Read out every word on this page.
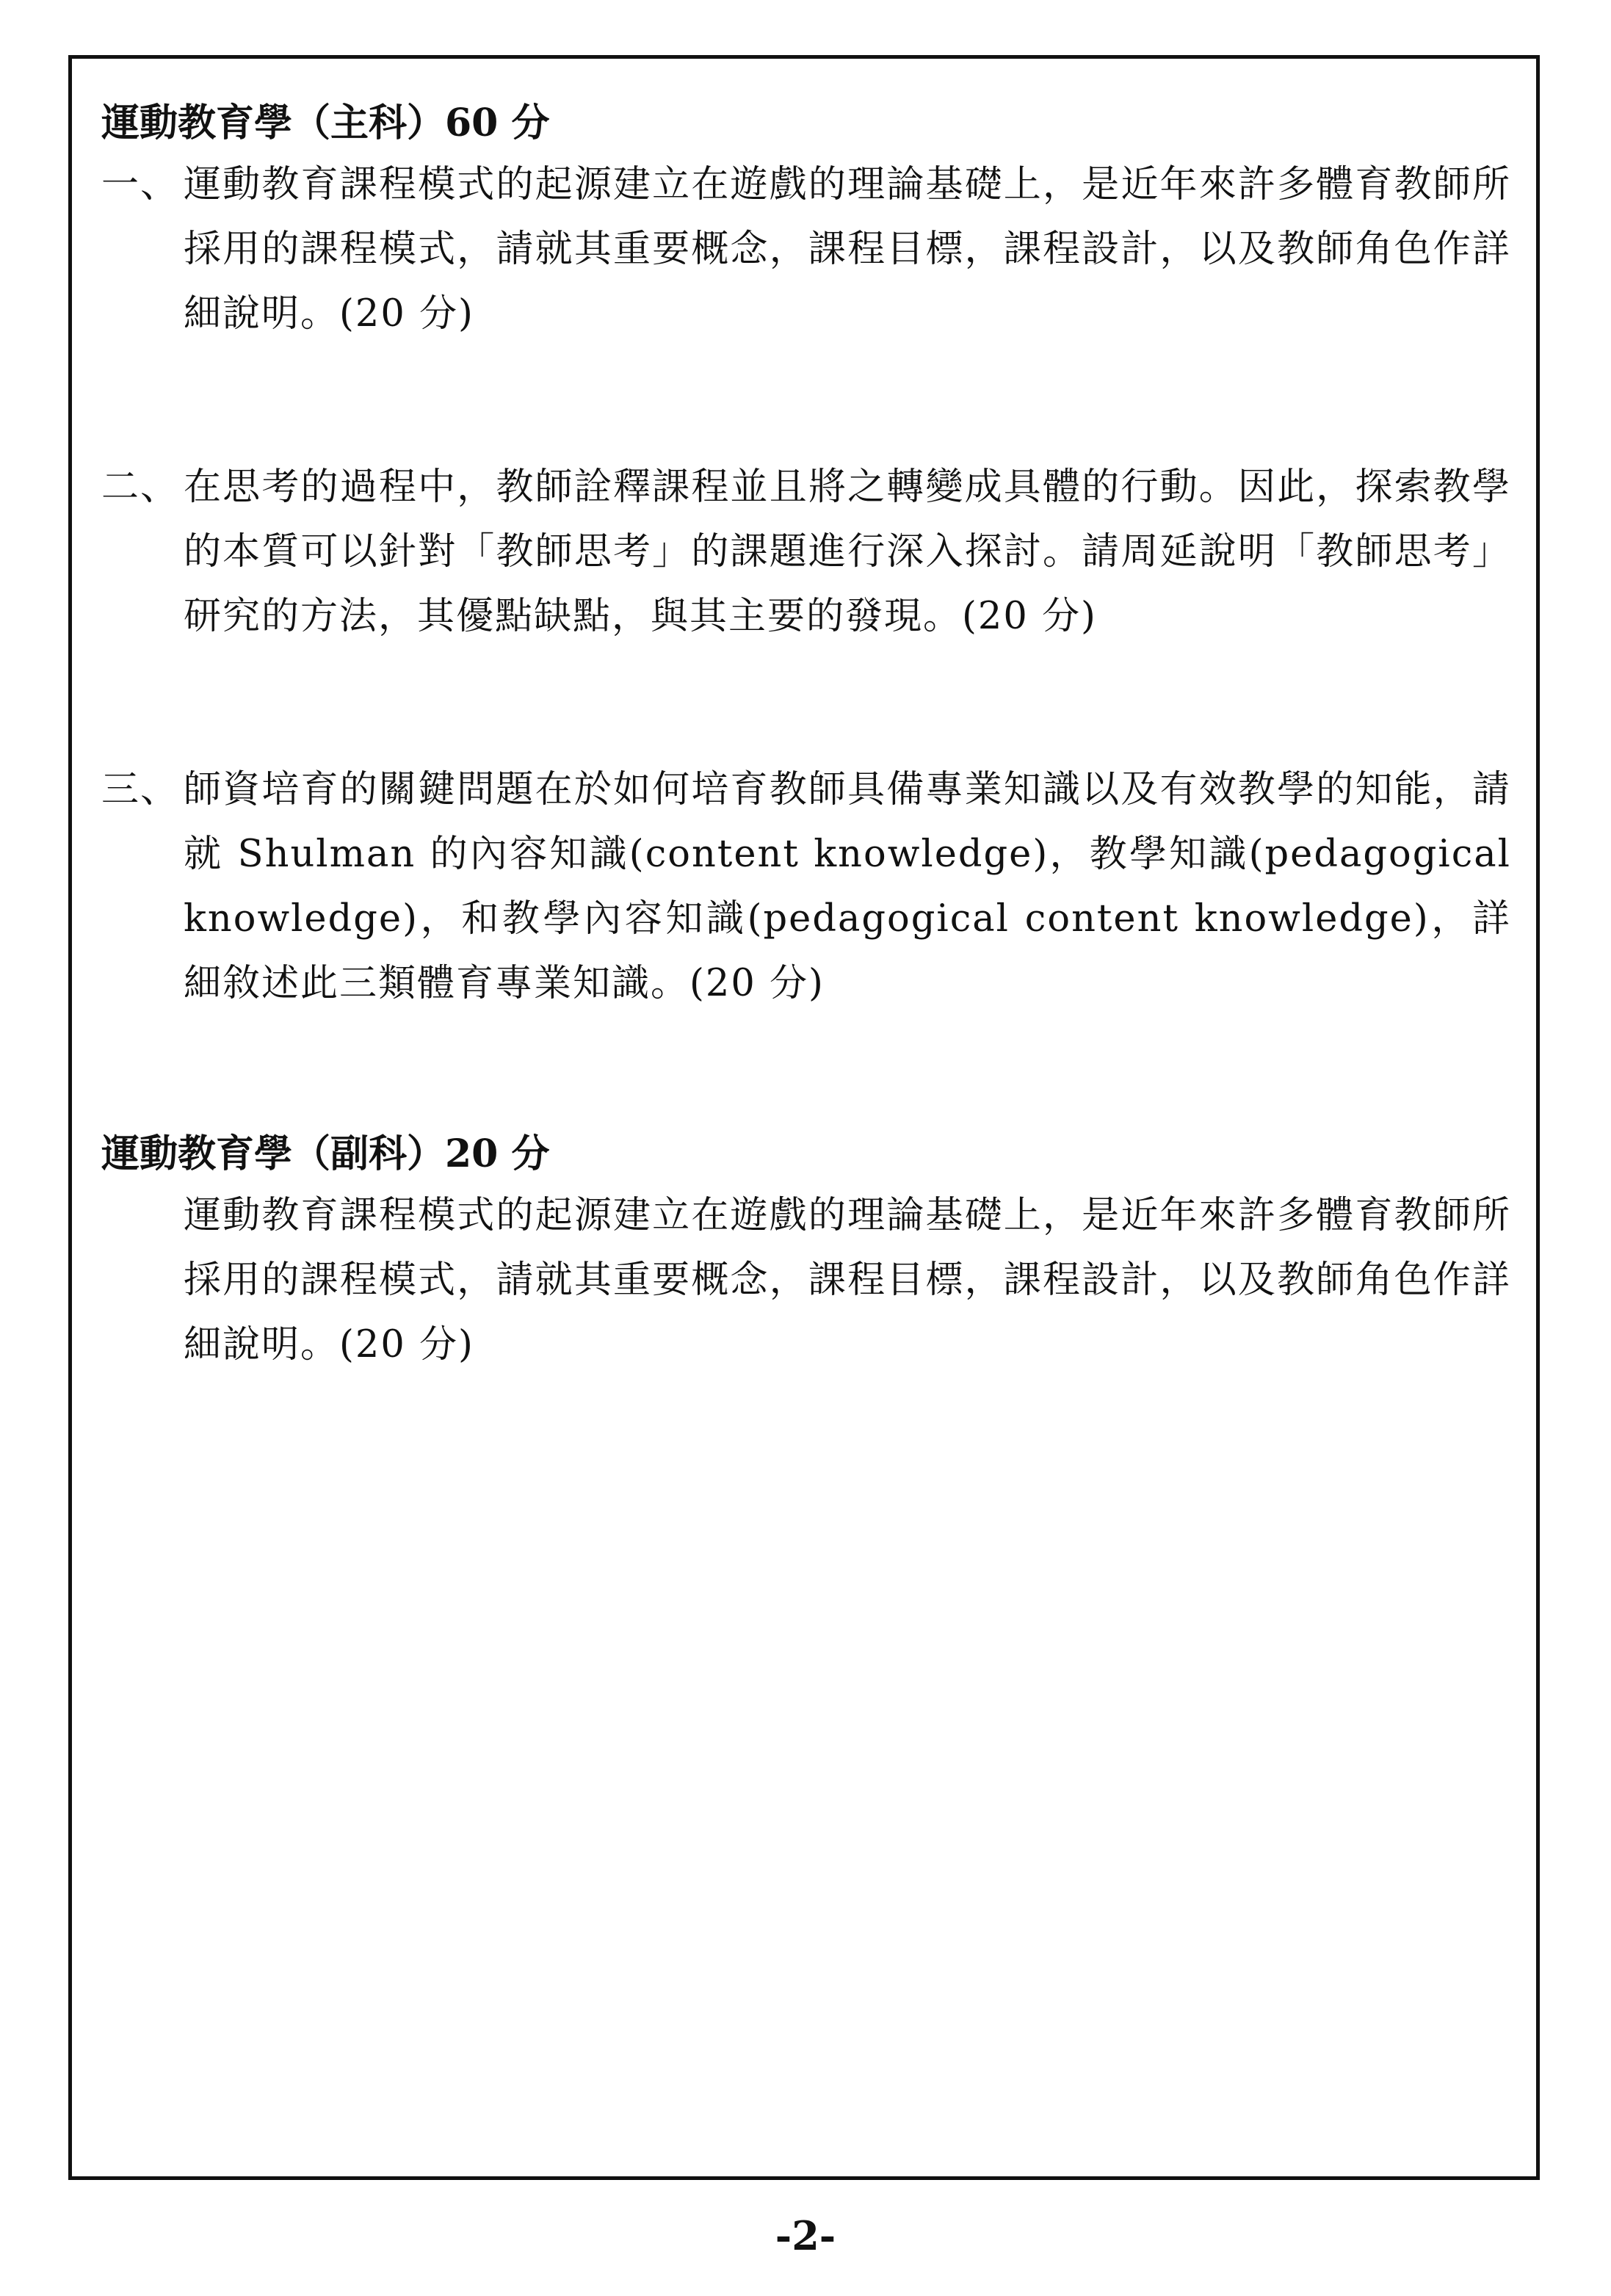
運動教育學（主科）60 分

一、 運動教育課程模式的起源建立在遊戲的理論基礎上，是近年來許多體育教師所採用的課程模式，請就其重要概念，課程目標，課程設計，以及教師角色作詳細說明。(20 分)
二、 在思考的過程中，教師詮釋課程並且將之轉變成具體的行動。因此，探索教學的本質可以針對「教師思考」的課題進行深入探討。請周延說明「教師思考」研究的方法，其優點缺點，與其主要的發現。(20 分)
三、 師資培育的關鍵問題在於如何培育教師具備專業知識以及有效教學的知能，請就 Shulman 的內容知識(content knowledge)，教學知識(pedagogical knowledge)，和教學內容知識(pedagogical content knowledge)，詳細敘述此三類體育專業知識。(20 分)

運動教育學（副科）20 分

運動教育課程模式的起源建立在遊戲的理論基礎上，是近年來許多體育教師所採用的課程模式，請就其重要概念，課程目標，課程設計，以及教師角色作詳細說明。(20 分)
-2-
